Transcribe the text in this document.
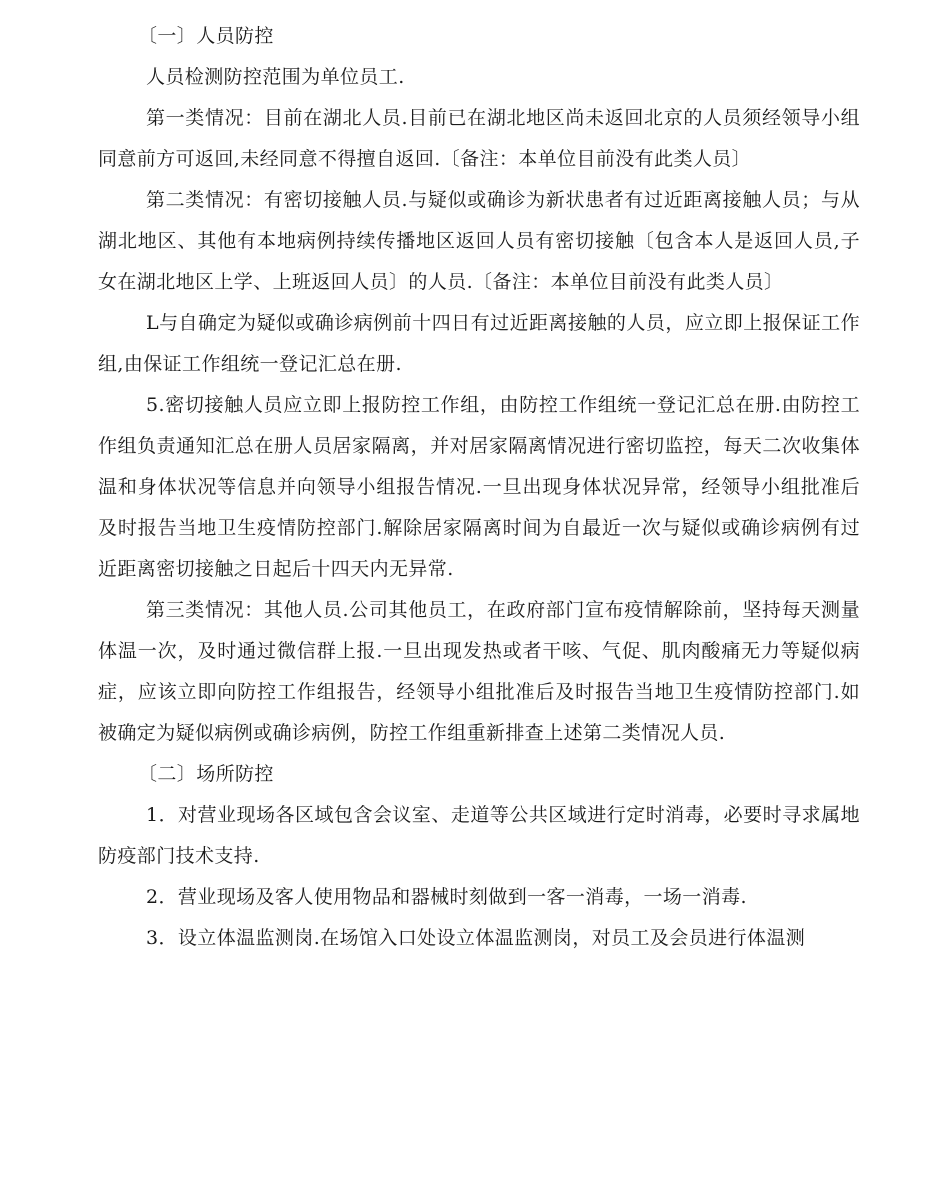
〔一〕人员防控

人员检测防控范围为单位员工.

第一类情况：目前在湖北人员.目前已在湖北地区尚未返回北京的人员须经领导小组同意前方可返回,未经同意不得擅自返回.〔备注：本单位目前没有此类人员〕

第二类情况：有密切接触人员.与疑似或确诊为新状患者有过近距离接触人员；与从湖北地区、其他有本地病例持续传播地区返回人员有密切接触〔包含本人是返回人员,子女在湖北地区上学、上班返回人员〕的人员.〔备注：本单位目前没有此类人员〕

L与自确定为疑似或确诊病例前十四日有过近距离接触的人员，应立即上报保证工作组,由保证工作组统一登记汇总在册.

5.密切接触人员应立即上报防控工作组，由防控工作组统一登记汇总在册.由防控工作组负责通知汇总在册人员居家隔离，并对居家隔离情况进行密切监控，每天二次收集体温和身体状况等信息并向领导小组报告情况.一旦出现身体状况异常，经领导小组批准后及时报告当地卫生疫情防控部门.解除居家隔离时间为自最近一次与疑似或确诊病例有过近距离密切接触之日起后十四天内无异常.

第三类情况：其他人员.公司其他员工，在政府部门宣布疫情解除前，坚持每天测量体温一次，及时通过微信群上报.一旦出现发热或者干咳、气促、肌肉酸痛无力等疑似病症，应该立即向防控工作组报告，经领导小组批准后及时报告当地卫生疫情防控部门.如被确定为疑似病例或确诊病例，防控工作组重新排查上述第二类情况人员.

〔二〕场所防控

1．对营业现场各区域包含会议室、走道等公共区域进行定时消毒，必要时寻求属地防疫部门技术支持.

2．营业现场及客人使用物品和器械时刻做到一客一消毒，一场一消毒.

3．设立体温监测岗.在场馆入口处设立体温监测岗，对员工及会员进行体温测
